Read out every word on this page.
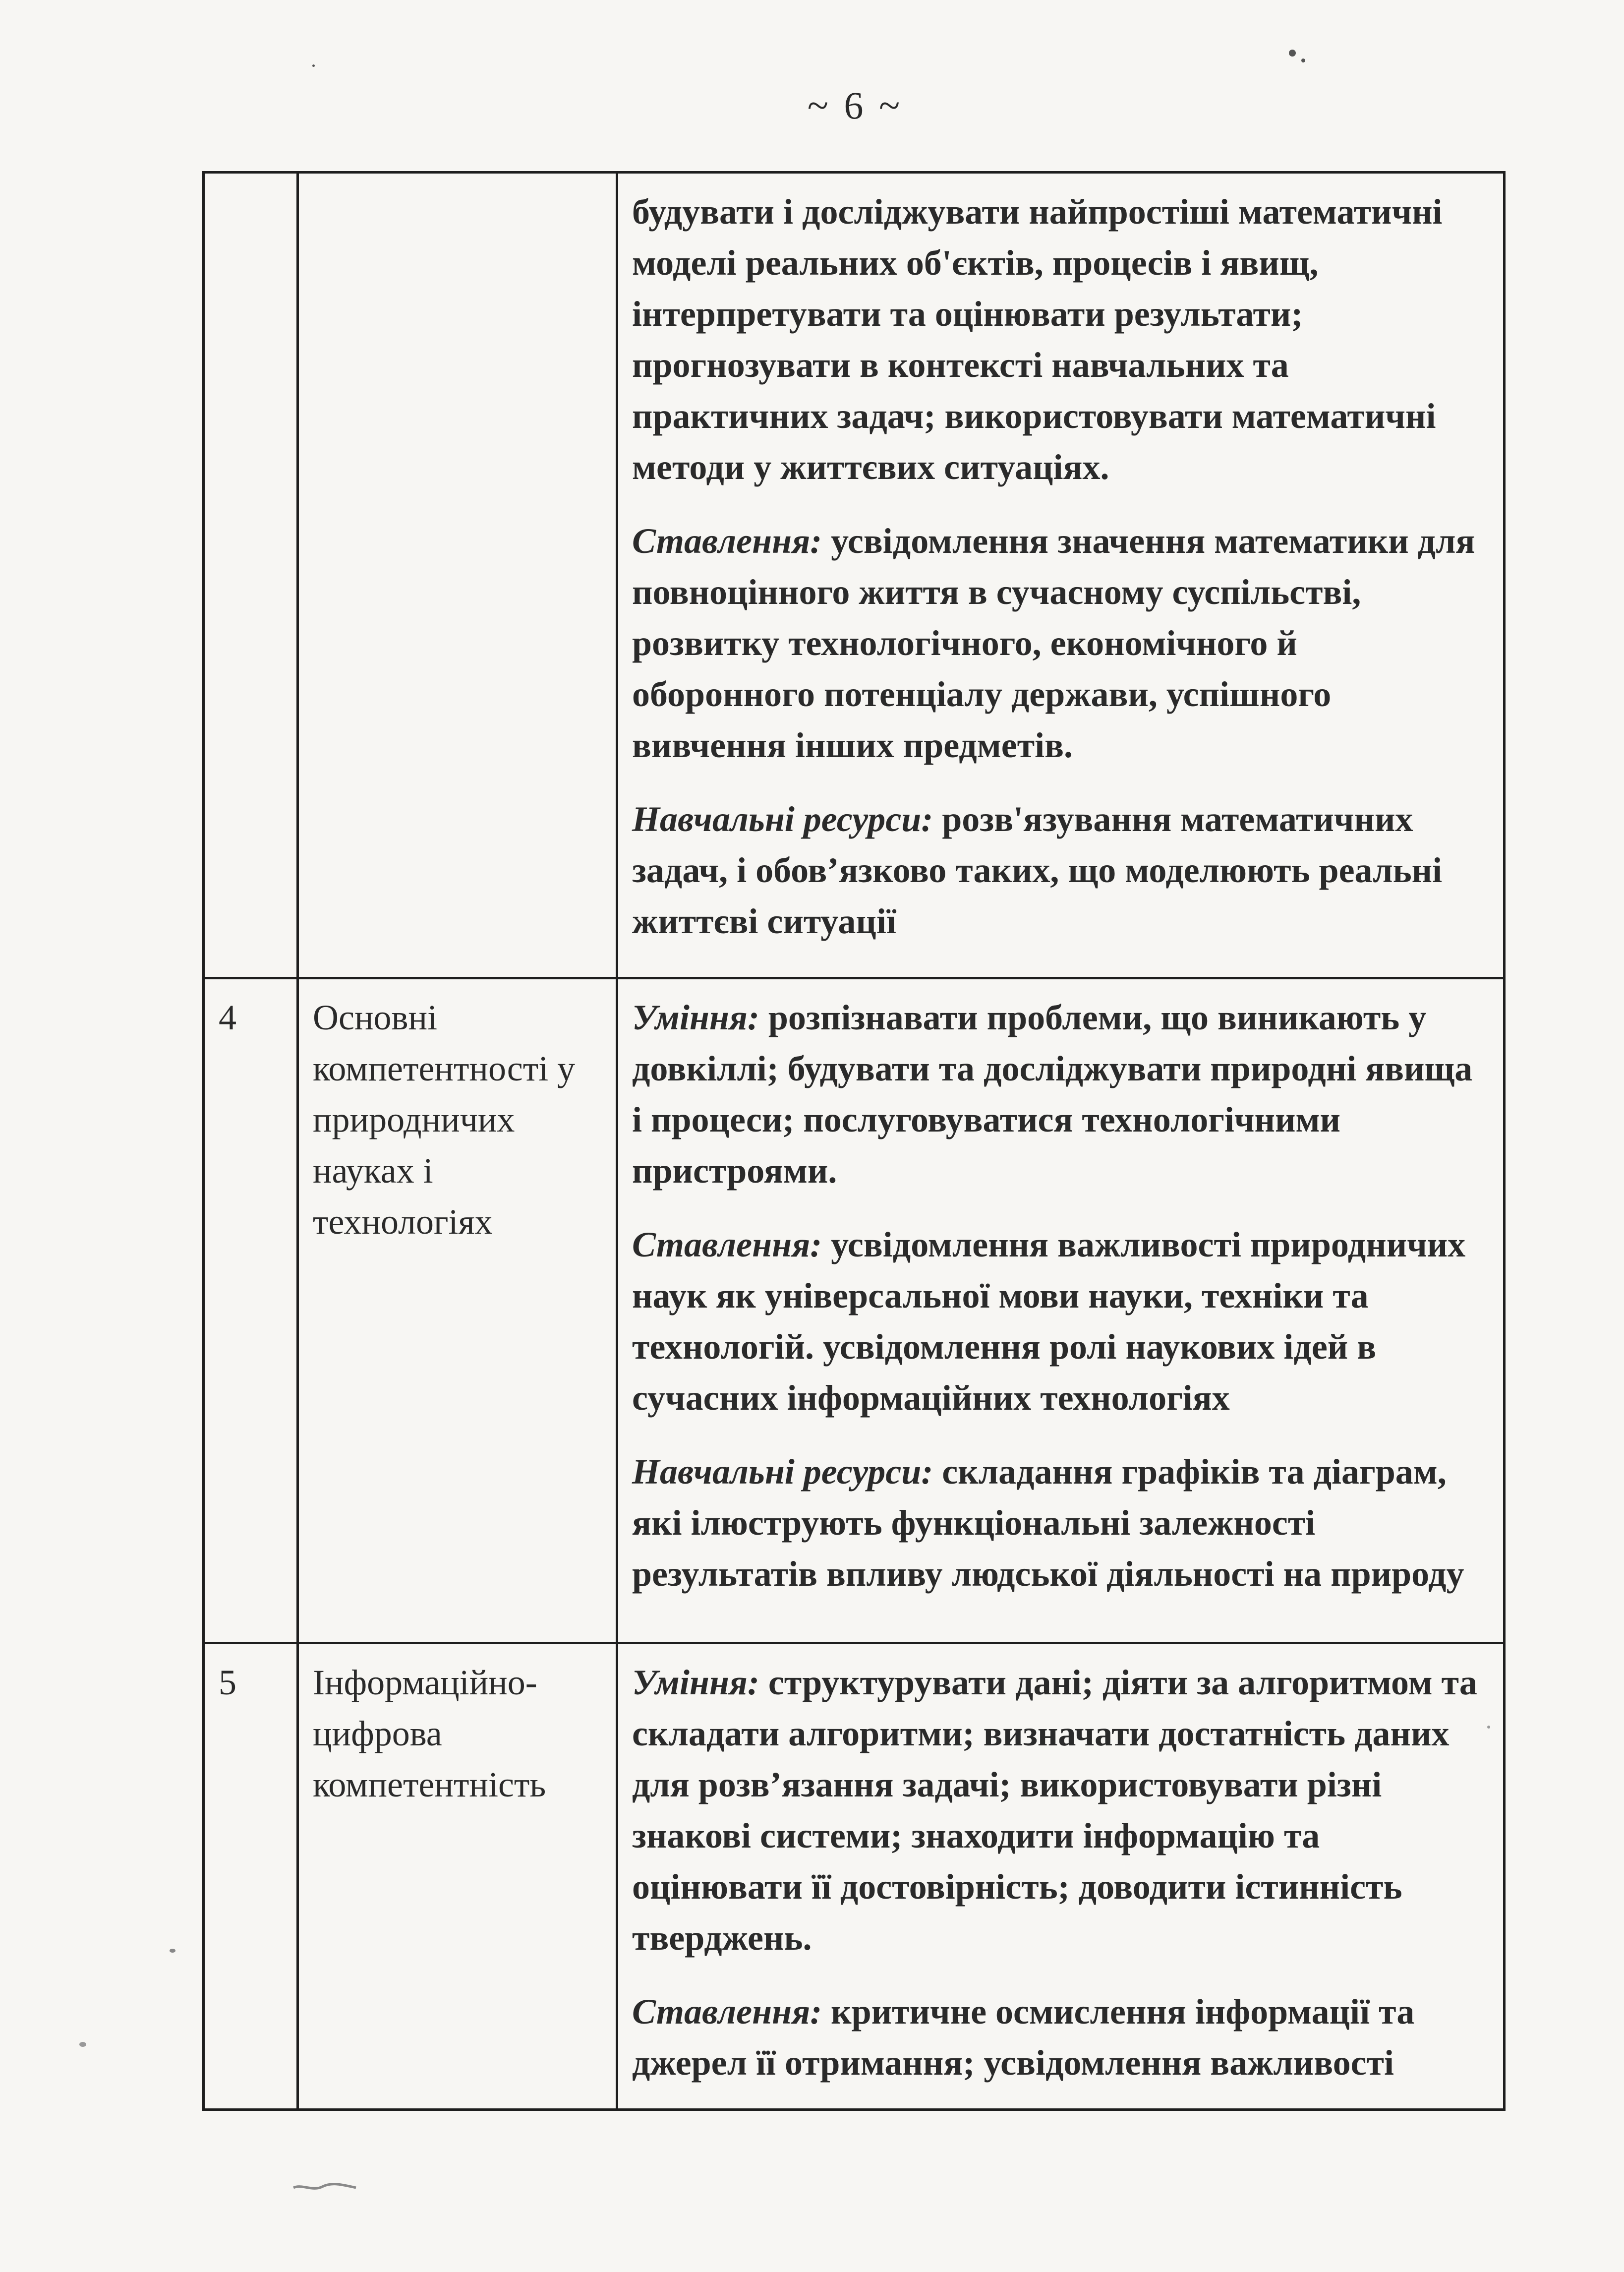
~ 6 ~

		будувати і досліджувати найпростіші математичні моделі реальних об'єктів, процесів і явищ, інтерпретувати та оцінювати результати; прогнозувати в контексті навчальних та практичних задач; використовувати математичні методи у життєвих ситуаціях.

Ставлення: усвідомлення значення математики для повноцінного життя в сучасному суспільстві, розвитку технологічного, економічного й оборонного потенціалу держави, успішного вивчення інших предметів.

Навчальні ресурси: розв'язування математичних задач, і обов’язково таких, що моделюють реальні життєві ситуації

4	Основні компетентності у природничих науках і технологіях	Уміння: розпізнавати проблеми, що виникають у довкіллі; будувати та досліджувати природні явища і процеси; послуговуватися технологічними пристроями.

Ставлення: усвідомлення важливості природничих наук як універсальної мови науки, техніки та технологій. усвідомлення ролі наукових ідей в сучасних інформаційних технологіях

Навчальні ресурси: складання графіків та діаграм, які ілюструють функціональні залежності результатів впливу людської діяльності на природу

5	Інформаційно-цифрова компетентність	Уміння: структурувати дані; діяти за алгоритмом та складати алгоритми; визначати достатність даних для розв’язання задачі; використовувати різні знакові системи; знаходити інформацію та оцінювати її достовірність; доводити істинність тверджень.

Ставлення: критичне осмислення інформації та джерел її отримання; усвідомлення важливості
